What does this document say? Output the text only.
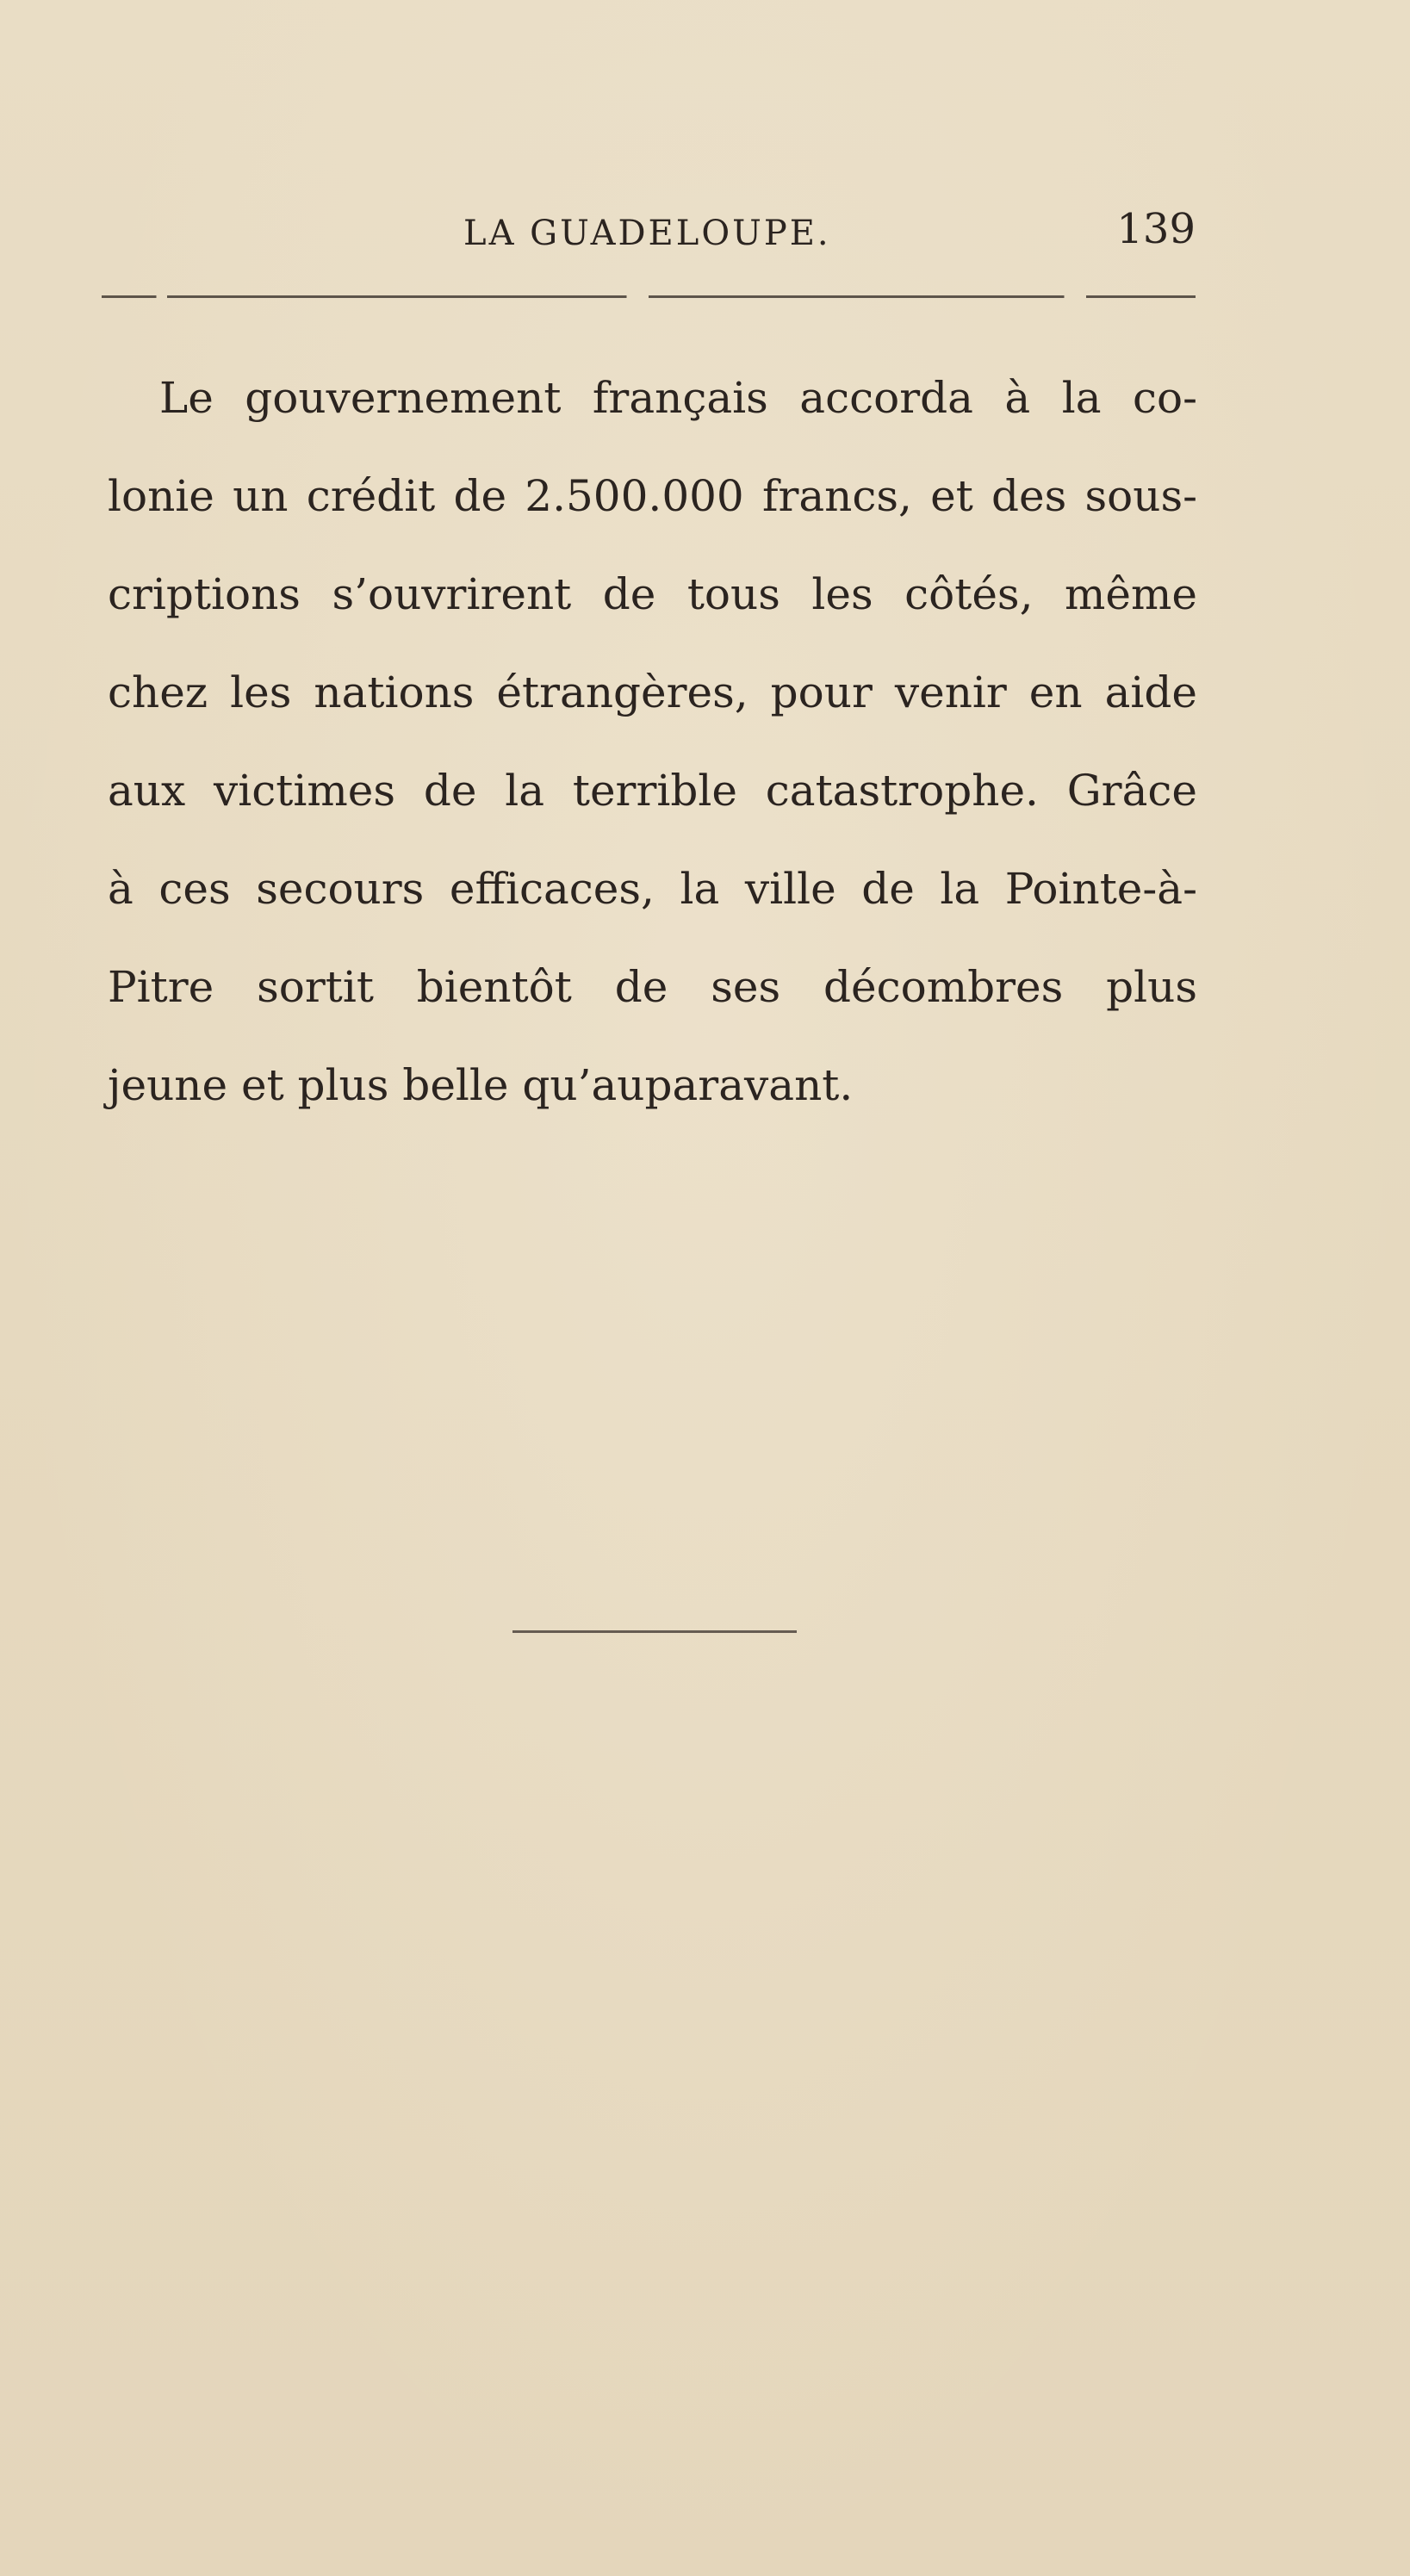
LA GUADELOUPE.	139

Le gouvernement français accorda à la co-
lonie un crédit de 2.500.000 francs, et des sous-
criptions s’ouvrirent de tous les côtés, même
chez les nations étrangères, pour venir en aide
aux victimes de la terrible catastrophe. Grâce
à ces secours efficaces, la ville de la Pointe-à-
Pitre sortit bientôt de ses décombres plus
jeune et plus belle qu’auparavant.
